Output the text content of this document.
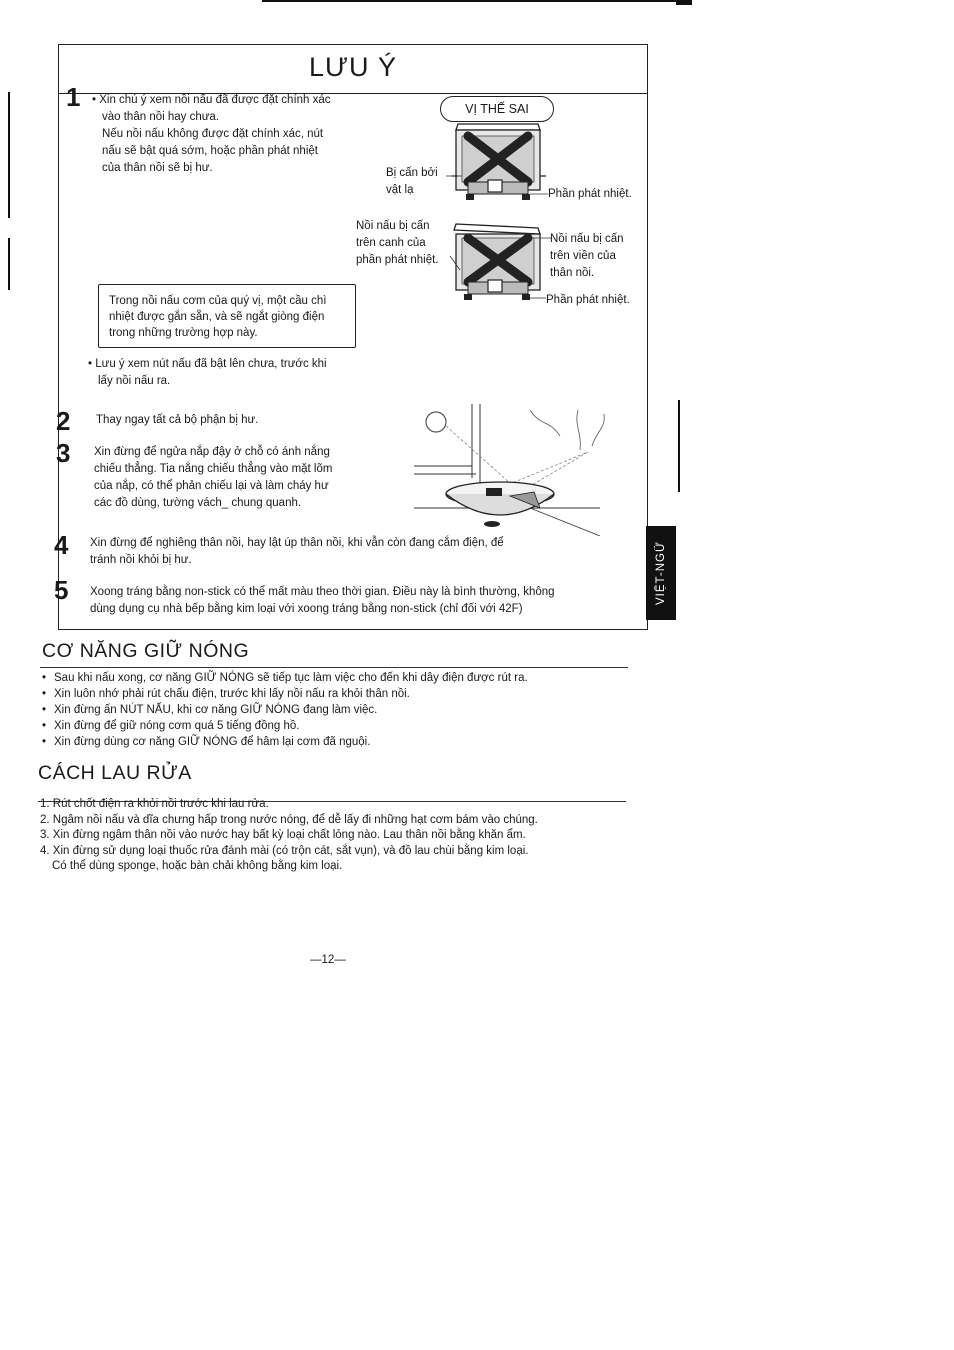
LƯU Ý
1 • Xin chú ý xem nồi nấu đã được đặt chính xác
vào thân nồi hay chưa.
Nếu nồi nấu không được đặt chính xác, nút
nấu sẽ bật quá sớm, hoặc phần phát nhiệt
của thân nồi sẽ bị hư.
VỊ THẾ SAI
Bị cấn bởi
vật lạ	Phần phát nhiệt.
Nồi nấu bị cấn
trên canh của
phần phát nhiệt.
Nồi nấu bị cấn
trên viền của
thân nồi.
Phần phát nhiệt.
Trong nồi nấu cơm của quý vị, một cầu chì
nhiệt được gắn sẵn, và sẽ ngắt giòng điện
trong những trường hợp này.
• Lưu ý xem nút nấu đã bật lên chưa, trước khi
lấy nồi nấu ra.
2 Thay ngay tất cả bộ phận bị hư.
3 Xin đừng để ngửa nắp đậy ở chỗ có ánh nắng
chiếu thẳng. Tia nắng chiếu thẳng vào mặt lõm
của nắp, có thể phản chiếu lại và làm cháy hư
các đồ dùng, tường vách_ chung quanh.
4 Xin đừng để nghiêng thân nồi, hay lật úp thân nồi, khi vẫn còn đang cắm điện, để
tránh nồi khỏi bị hư.
5 Xoong tráng bằng non-stick có thể mất màu theo thời gian. Điều này là bình thường, không
dùng dụng cụ nhà bếp bằng kim loại với xoong tráng bằng non-stick (chỉ đối với 42F)
VIỆT-NGỮ
CƠ NĂNG GIỮ NÓNG
• Sau khi nấu xong, cơ năng GIỮ NÓNG sẽ tiếp tục làm việc cho đến khi dây điện được rút ra.
• Xin luôn nhớ phải rút chấu điện, trước khi lấy nồi nấu ra khỏi thân nồi.
• Xin đừng ấn NÚT NẤU, khi cơ năng GIỮ NÓNG đang làm việc.
• Xin đừng để giữ nóng cơm quá 5 tiếng đồng hồ.
• Xin đừng dùng cơ năng GIỮ NÓNG để hâm lại cơm đã nguội.
CÁCH LAU RỬA
1. Rút chốt điện ra khỏi nồi trước khi lau rửa.
2. Ngâm nồi nấu và dĩa chưng hấp trong nước nóng, để dễ lấy đi những hạt cơm bám vào chúng.
3. Xin đừng ngâm thân nồi vào nước hay bất kỳ loại chất lỏng nào. Lau thân nồi bằng khăn ẩm.
4. Xin đừng sử dụng loại thuốc rửa đánh mài (có trộn cát, sắt vụn), và đồ lau chùi bằng kim loại.
Có thể dùng sponge, hoặc bàn chải không bằng kim loại.
—12—
